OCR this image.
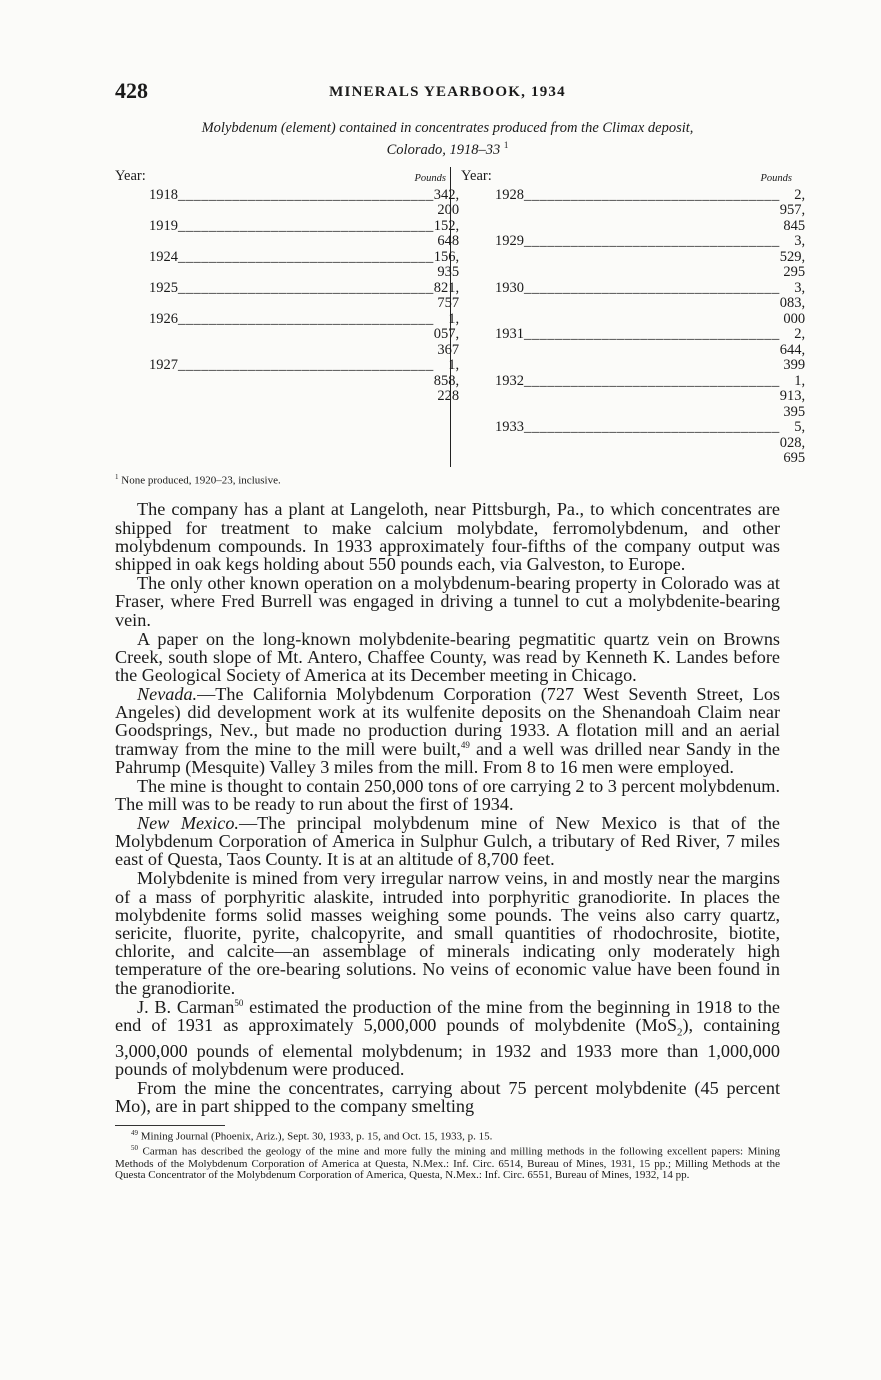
428	MINERALS YEARBOOK, 1934
Molybdenum (element) contained in concentrates produced from the Climax deposit,
Colorado, 1918–33 $^1$
Year:	Pounds
1918 _________________________________ 342, 200
1919 _________________________________ 152, 648
1924 _________________________________ 156, 935
1925 _________________________________ 821, 757
1926 _________________________________	1, 057, 367
1927 _________________________________	1, 858, 228
Year:	Pounds
1928 _________________________________	2, 957, 845
1929 _________________________________	3, 529, 295
1930 _________________________________	3, 083, 000
1931 _________________________________	2, 644, 399
1932 _________________________________	1, 913, 395
1933 _________________________________	5, 028, 695
$^1$ None produced, 1920–23, inclusive.

The company has a plant at Langeloth, near Pittsburgh, Pa., to which concentrates are shipped for treatment to make calcium molybdate, ferromolybdenum, and other molybdenum compounds. In 1933 approximately four-fifths of the company output was shipped in oak kegs holding about 550 pounds each, via Galveston, to Europe.

The only other known operation on a molybdenum-bearing property in Colorado was at Fraser, where Fred Burrell was engaged in driving a tunnel to cut a molybdenite-bearing vein.

A paper on the long-known molybdenite-bearing pegmatitic quartz vein on Browns Creek, south slope of Mt. Antero, Chaffee County, was read by Kenneth K. Landes before the Geological Society of America at its December meeting in Chicago.

Nevada.—The California Molybdenum Corporation (727 West Seventh Street, Los Angeles) did development work at its wulfenite deposits on the Shenandoah Claim near Goodsprings, Nev., but made no production during 1933. A flotation mill and an aerial tramway from the mine to the mill were built,$^{49}$ and a well was drilled near Sandy in the Pahrump (Mesquite) Valley 3 miles from the mill. From 8 to 16 men were employed.

The mine is thought to contain 250,000 tons of ore carrying 2 to 3 percent molybdenum. The mill was to be ready to run about the first of 1934.

New Mexico.—The principal molybdenum mine of New Mexico is that of the Molybdenum Corporation of America in Sulphur Gulch, a tributary of Red River, 7 miles east of Questa, Taos County. It is at an altitude of 8,700 feet.

Molybdenite is mined from very irregular narrow veins, in and mostly near the margins of a mass of porphyritic alaskite, intruded into porphyritic granodiorite. In places the molybdenite forms solid masses weighing some pounds. The veins also carry quartz, sericite, fluorite, pyrite, chalcopyrite, and small quantities of rhodochrosite, biotite, chlorite, and calcite—an assemblage of minerals indicating only moderately high temperature of the ore-bearing solutions. No veins of economic value have been found in the granodiorite.

J. B. Carman$^{50}$ estimated the production of the mine from the beginning in 1918 to the end of 1931 as approximately 5,000,000 pounds of molybdenite (MoS$_2$), containing 3,000,000 pounds of elemental molybdenum; in 1932 and 1933 more than 1,000,000 pounds of molybdenum were produced.

From the mine the concentrates, carrying about 75 percent molybdenite (45 percent Mo), are in part shipped to the company smelting

$^{49}$ Mining Journal (Phoenix, Ariz.), Sept. 30, 1933, p. 15, and Oct. 15, 1933, p. 15.

$^{50}$ Carman has described the geology of the mine and more fully the mining and milling methods in the following excellent papers: Mining Methods of the Molybdenum Corporation of America at Questa, N.Mex.: Inf. Circ. 6514, Bureau of Mines, 1931, 15 pp.; Milling Methods at the Questa Concentrator of the Molybdenum Corporation of America, Questa, N.Mex.: Inf. Circ. 6551, Bureau of Mines, 1932, 14 pp.
